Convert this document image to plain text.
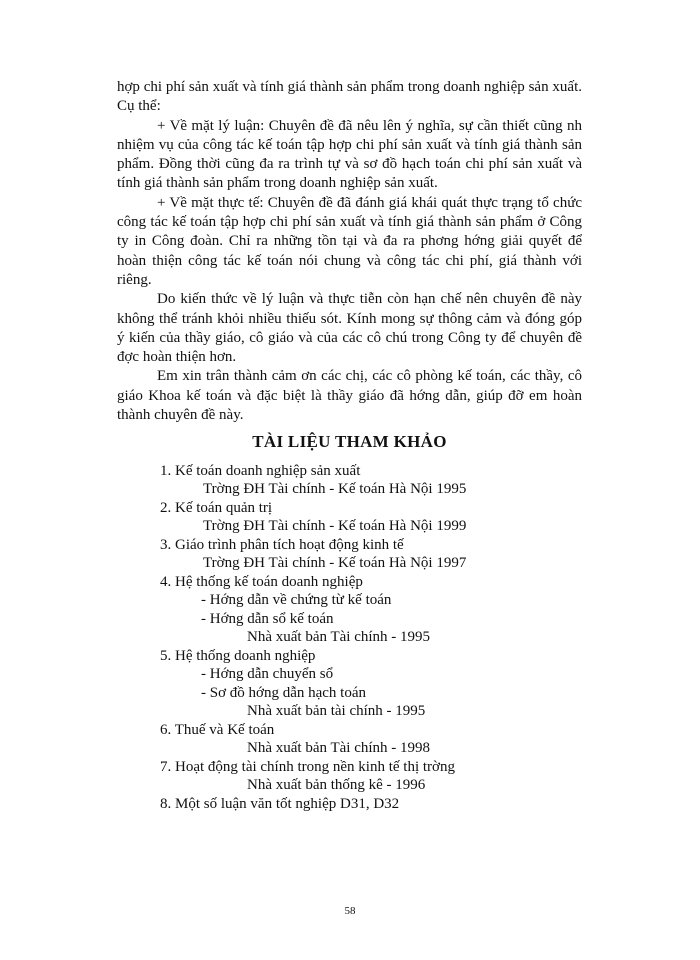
hợp chi phí sản xuất và tính giá thành sản phẩm trong doanh nghiệp sản xuất. Cụ thể:

+ Về mặt lý luận: Chuyên đề đã nêu lên ý nghĩa, sự cần thiết cũng nh nhiệm vụ của công tác kế toán tập hợp chi phí sản xuất và tính giá thành sản phẩm. Đồng thời cũng đa ra trình tự và sơ đồ hạch toán chi phí sản xuất và tính giá thành sản phẩm trong doanh nghiệp sản xuất.

+ Về mặt thực tế: Chuyên đề đã đánh giá khái quát thực trạng tổ chức công tác kế toán tập hợp chi phí sản xuất và tính giá thành sản phẩm ở Công ty in Công đoàn. Chỉ ra những tồn tại và đa ra phơng hớng giải quyết để hoàn thiện công tác kế toán nói chung và công tác chi phí, giá thành với riêng.

Do kiến thức về lý luận và thực tiễn còn hạn chế nên chuyên đề này không thể tránh khỏi nhiều thiếu sót. Kính mong sự thông cảm và đóng góp ý kiến của thầy giáo, cô giáo và của các cô chú trong Công ty để chuyên đề đợc hoàn thiện hơn.

Em xin trân thành cảm ơn các chị, các cô phòng kế toán, các thầy, cô giáo Khoa kế toán và đặc biệt là thầy giáo đã hớng dẫn, giúp đỡ em hoàn thành chuyên đề này.

TÀI LIỆU THAM KHẢO

1. Kế toán doanh nghiệp sản xuất

Trờng ĐH Tài chính - Kế toán Hà Nội 1995

2. Kế toán quản trị

Trờng ĐH Tài chính - Kế toán Hà Nội 1999

3. Giáo trình phân tích hoạt động kinh tế

Trờng ĐH Tài chính - Kế toán Hà Nội 1997

4. Hệ thống kế toán doanh nghiệp

- Hớng dẫn về chứng từ kế toán

- Hớng dẫn sổ kế toán

Nhà xuất bản Tài chính - 1995

5. Hệ thống doanh nghiệp

- Hớng dẫn chuyển sổ

- Sơ đồ hớng dẫn hạch toán

Nhà xuất bản tài chính - 1995

6. Thuế và Kế toán

Nhà xuất bản Tài chính - 1998

7. Hoạt động tài chính trong nền kinh tế thị trờng

Nhà xuất bản thống kê - 1996

8. Một số luận văn tốt nghiệp D31, D32

58
